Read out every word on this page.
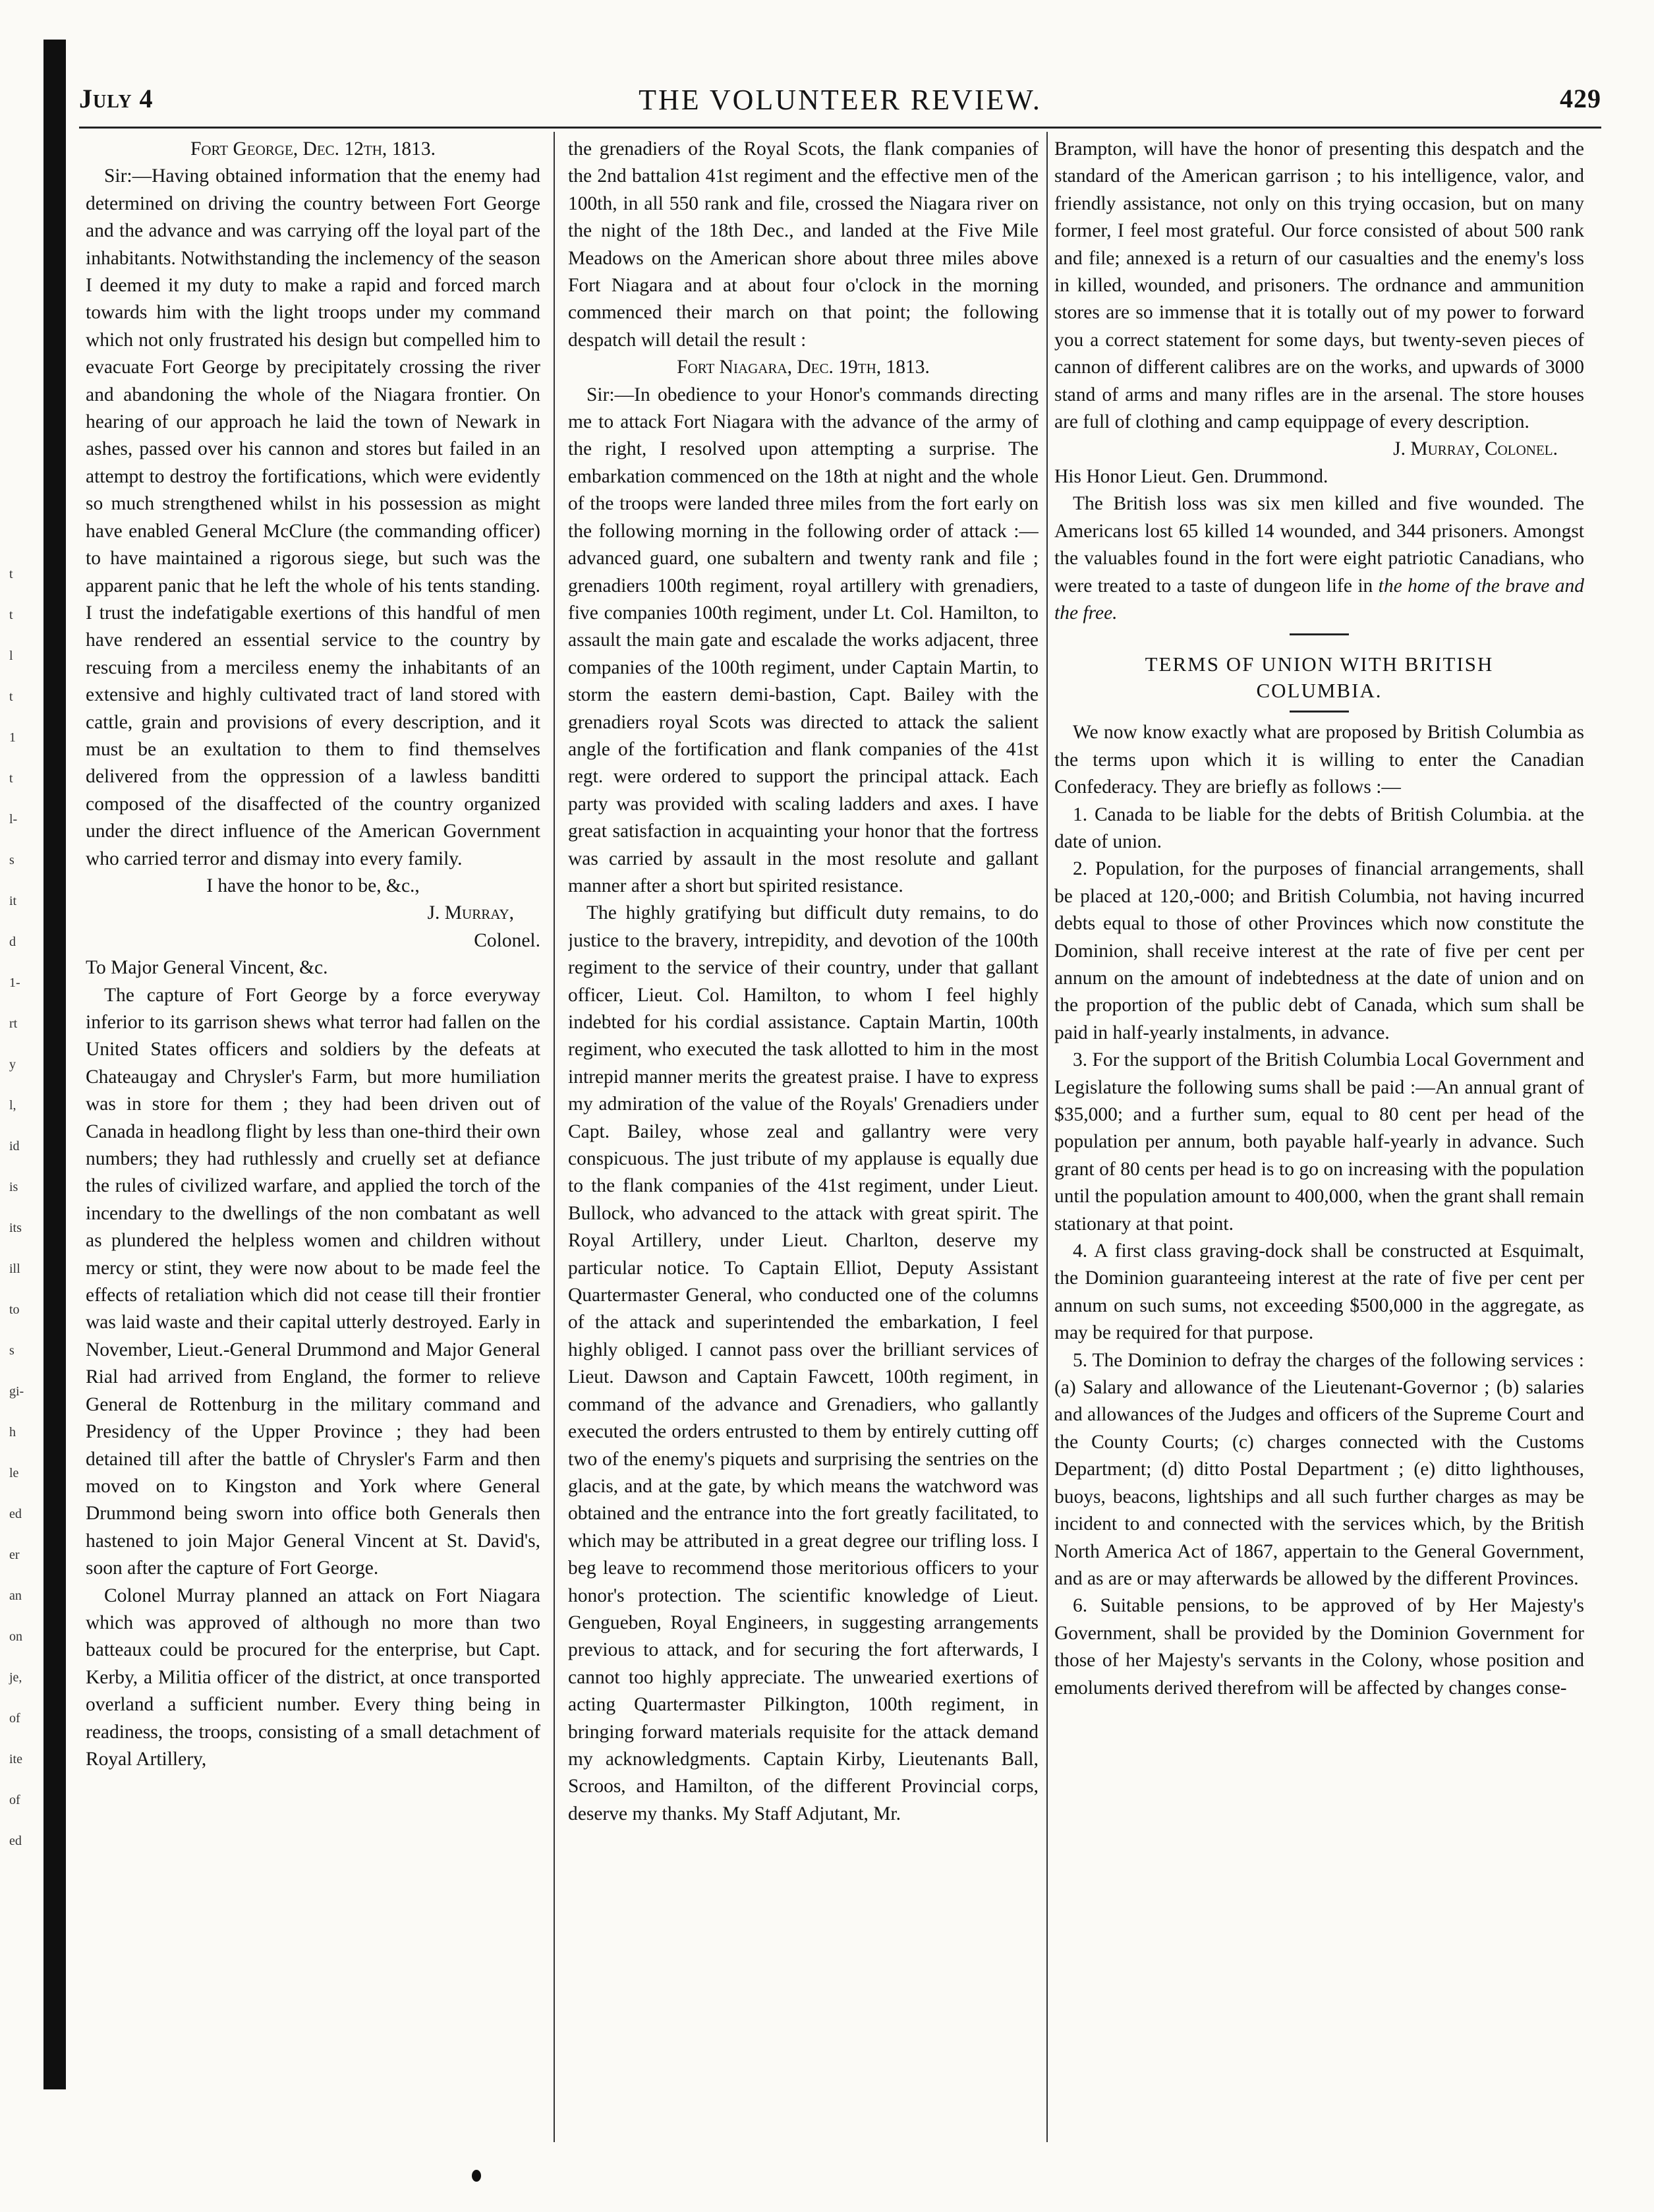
t
t
l
t
1
t
l-
s
it
d
1-
rt
y
l,
id
is
its
ill
to
s
gi-
h
le
ed
er
an
on
je,
of
ite
of
ed
July 4	THE VOLUNTEER REVIEW.	429

Fort George, Dec. 12th, 1813.

Sir:—Having obtained information that the enemy had determined on driving the country between Fort George and the advance and was carrying off the loyal part of the inhabitants. Notwithstanding the inclemency of the season I deemed it my duty to make a rapid and forced march towards him with the light troops under my command which not only frustrated his design but compelled him to evacuate Fort George by precipitately crossing the river and abandoning the whole of the Niagara frontier. On hearing of our approach he laid the town of Newark in ashes, passed over his cannon and stores but failed in an attempt to destroy the fortifications, which were evidently so much strengthened whilst in his possession as might have enabled General McClure (the commanding officer) to have maintained a rigorous siege, but such was the apparent panic that he left the whole of his tents standing. I trust the indefatigable exertions of this handful of men have rendered an essential service to the country by rescuing from a merciless enemy the inhabitants of an extensive and highly cultivated tract of land stored with cattle, grain and provisions of every description, and it must be an exultation to them to find themselves delivered from the oppression of a lawless banditti composed of the disaffected of the country organized under the direct influence of the American Government who carried terror and dismay into every family.

I have the honor to be, &c.,

J. Murray,

Colonel.

To Major General Vincent, &c.

The capture of Fort George by a force everyway inferior to its garrison shews what terror had fallen on the United States officers and soldiers by the defeats at Chateaugay and Chrysler's Farm, but more humiliation was in store for them ; they had been driven out of Canada in headlong flight by less than one-third their own numbers; they had ruthlessly and cruelly set at defiance the rules of civilized warfare, and applied the torch of the incendary to the dwellings of the non combatant as well as plundered the helpless women and children without mercy or stint, they were now about to be made feel the effects of retaliation which did not cease till their frontier was laid waste and their capital utterly destroyed. Early in November, Lieut.-General Drummond and Major General Rial had arrived from England, the former to relieve General de Rottenburg in the military command and Presidency of the Upper Province ; they had been detained till after the battle of Chrysler's Farm and then moved on to Kingston and York where General Drummond being sworn into office both Generals then hastened to join Major General Vincent at St. David's, soon after the capture of Fort George.

Colonel Murray planned an attack on Fort Niagara which was approved of although no more than two batteaux could be procured for the enterprise, but Capt. Kerby, a Militia officer of the district, at once transported overland a sufficient number. Every thing being in readiness, the troops, consisting of a small detachment of Royal Artillery,

the grenadiers of the Royal Scots, the flank companies of the 2nd battalion 41st regiment and the effective men of the 100th, in all 550 rank and file, crossed the Niagara river on the night of the 18th Dec., and landed at the Five Mile Meadows on the American shore about three miles above Fort Niagara and at about four o'clock in the morning commenced their march on that point; the following despatch will detail the result :

Fort Niagara, Dec. 19th, 1813.

Sir:—In obedience to your Honor's commands directing me to attack Fort Niagara with the advance of the army of the right, I resolved upon attempting a surprise. The embarkation commenced on the 18th at night and the whole of the troops were landed three miles from the fort early on the following morning in the following order of attack :—advanced guard, one subaltern and twenty rank and file ; grenadiers 100th regiment, royal artillery with grenadiers, five companies 100th regiment, under Lt. Col. Hamilton, to assault the main gate and escalade the works adjacent, three companies of the 100th regiment, under Captain Martin, to storm the eastern demi-bastion, Capt. Bailey with the grenadiers royal Scots was directed to attack the salient angle of the fortification and flank companies of the 41st regt. were ordered to support the principal attack. Each party was provided with scaling ladders and axes. I have great satisfaction in acquainting your honor that the fortress was carried by assault in the most resolute and gallant manner after a short but spirited resistance.

The highly gratifying but difficult duty remains, to do justice to the bravery, intrepidity, and devotion of the 100th regiment to the service of their country, under that gallant officer, Lieut. Col. Hamilton, to whom I feel highly indebted for his cordial assistance. Captain Martin, 100th regiment, who executed the task allotted to him in the most intrepid manner merits the greatest praise. I have to express my admiration of the value of the Royals' Grenadiers under Capt. Bailey, whose zeal and gallantry were very conspicuous. The just tribute of my applause is equally due to the flank companies of the 41st regiment, under Lieut. Bullock, who advanced to the attack with great spirit. The Royal Artillery, under Lieut. Charlton, deserve my particular notice. To Captain Elliot, Deputy Assistant Quartermaster General, who conducted one of the columns of the attack and superintended the embarkation, I feel highly obliged. I cannot pass over the brilliant services of Lieut. Dawson and Captain Fawcett, 100th regiment, in command of the advance and Grenadiers, who gallantly executed the orders entrusted to them by entirely cutting off two of the enemy's piquets and surprising the sentries on the glacis, and at the gate, by which means the watchword was obtained and the entrance into the fort greatly facilitated, to which may be attributed in a great degree our trifling loss. I beg leave to recommend those meritorious officers to your honor's protection. The scientific knowledge of Lieut. Gengueben, Royal Engineers, in suggesting arrangements previous to attack, and for securing the fort afterwards, I cannot too highly appreciate. The unwearied exertions of acting Quartermaster Pilkington, 100th regiment, in bringing forward materials requisite for the attack demand my acknowledgments. Captain Kirby, Lieutenants Ball, Scroos, and Hamilton, of the different Provincial corps, deserve my thanks. My Staff Adjutant, Mr.

Brampton, will have the honor of presenting this despatch and the standard of the American garrison ; to his intelligence, valor, and friendly assistance, not only on this trying occasion, but on many former, I feel most grateful. Our force consisted of about 500 rank and file; annexed is a return of our casualties and the enemy's loss in killed, wounded, and prisoners. The ordnance and ammunition stores are so immense that it is totally out of my power to forward you a correct statement for some days, but twenty-seven pieces of cannon of different calibres are on the works, and upwards of 3000 stand of arms and many rifles are in the arsenal. The store houses are full of clothing and camp equippage of every description.

J. Murray, Colonel.

His Honor Lieut. Gen. Drummond.

The British loss was six men killed and five wounded. The Americans lost 65 killed 14 wounded, and 344 prisoners. Amongst the valuables found in the fort were eight patriotic Canadians, who were treated to a taste of dungeon life in the home of the brave and the free.

TERMS OF UNION WITH BRITISH

COLUMBIA.

We now know exactly what are proposed by British Columbia as the terms upon which it is willing to enter the Canadian Confederacy. They are briefly as follows :—

1. Canada to be liable for the debts of British Columbia. at the date of union.

2. Population, for the purposes of financial arrangements, shall be placed at 120,-000; and British Columbia, not having incurred debts equal to those of other Provinces which now constitute the Dominion, shall receive interest at the rate of five per cent per annum on the amount of indebtedness at the date of union and on the proportion of the public debt of Canada, which sum shall be paid in half-yearly instalments, in advance.

3. For the support of the British Columbia Local Government and Legislature the following sums shall be paid :—An annual grant of $35,000; and a further sum, equal to 80 cent per head of the population per annum, both payable half-yearly in advance. Such grant of 80 cents per head is to go on increasing with the population until the population amount to 400,000, when the grant shall remain stationary at that point.

4. A first class graving-dock shall be constructed at Esquimalt, the Dominion guaranteeing interest at the rate of five per cent per annum on such sums, not exceeding $500,000 in the aggregate, as may be required for that purpose.

5. The Dominion to defray the charges of the following services : (a) Salary and allowance of the Lieutenant-Governor ; (b) salaries and allowances of the Judges and officers of the Supreme Court and the County Courts; (c) charges connected with the Customs Department; (d) ditto Postal Department ; (e) ditto lighthouses, buoys, beacons, lightships and all such further charges as may be incident to and connected with the services which, by the British North America Act of 1867, appertain to the General Government, and as are or may afterwards be allowed by the different Provinces.

6. Suitable pensions, to be approved of by Her Majesty's Government, shall be provided by the Dominion Government for those of her Majesty's servants in the Colony, whose position and emoluments derived therefrom will be affected by changes conse-
